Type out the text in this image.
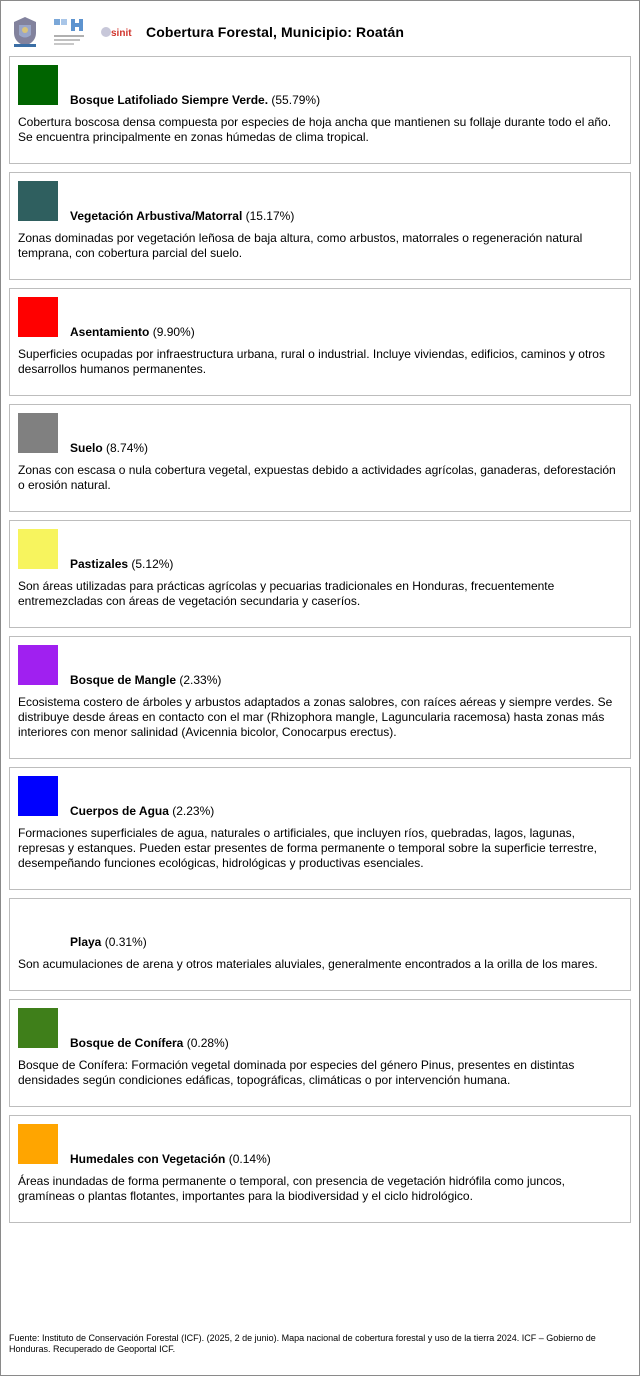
sinit Cobertura Forestal, Municipio: Roatán
Bosque Latifoliado Siempre Verde. (55.79%)
Cobertura boscosa densa compuesta por especies de hoja ancha que mantienen su follaje durante todo el año. Se encuentra principalmente en zonas húmedas de clima tropical.
Vegetación Arbustiva/Matorral (15.17%)
Zonas dominadas por vegetación leñosa de baja altura, como arbustos, matorrales o regeneración natural temprana, con cobertura parcial del suelo.
Asentamiento (9.90%)
Superficies ocupadas por infraestructura urbana, rural o industrial. Incluye viviendas, edificios, caminos y otros desarrollos humanos permanentes.
Suelo (8.74%)
Zonas con escasa o nula cobertura vegetal, expuestas debido a actividades agrícolas, ganaderas, deforestación o erosión natural.
Pastizales (5.12%)
Son áreas utilizadas para prácticas agrícolas y pecuarias tradicionales en Honduras, frecuentemente entremezcladas con áreas de vegetación secundaria y caseríos.
Bosque de Mangle (2.33%)
Ecosistema costero de árboles y arbustos adaptados a zonas salobres, con raíces aéreas y siempre verdes. Se distribuye desde áreas en contacto con el mar (Rhizophora mangle, Laguncularia racemosa) hasta zonas más interiores con menor salinidad (Avicennia bicolor, Conocarpus erectus).
Cuerpos de Agua (2.23%)
Formaciones superficiales de agua, naturales o artificiales, que incluyen ríos, quebradas, lagos, lagunas, represas y estanques. Pueden estar presentes de forma permanente o temporal sobre la superficie terrestre, desempeñando funciones ecológicas, hidrológicas y productivas esenciales.
Playa (0.31%)
Son acumulaciones de arena y otros materiales aluviales, generalmente encontrados a la orilla de los mares.
Bosque de Conífera (0.28%)
Bosque de Conífera: Formación vegetal dominada por especies del género Pinus, presentes en distintas densidades según condiciones edáficas, topográficas, climáticas o por intervención humana.
Humedales con Vegetación (0.14%)
Áreas inundadas de forma permanente o temporal, con presencia de vegetación hidrófila como juncos, gramíneas o plantas flotantes, importantes para la biodiversidad y el ciclo hidrológico.
Fuente: Instituto de Conservación Forestal (ICF). (2025, 2 de junio). Mapa nacional de cobertura forestal y uso de la tierra 2024. ICF – Gobierno de Honduras. Recuperado de Geoportal ICF.
